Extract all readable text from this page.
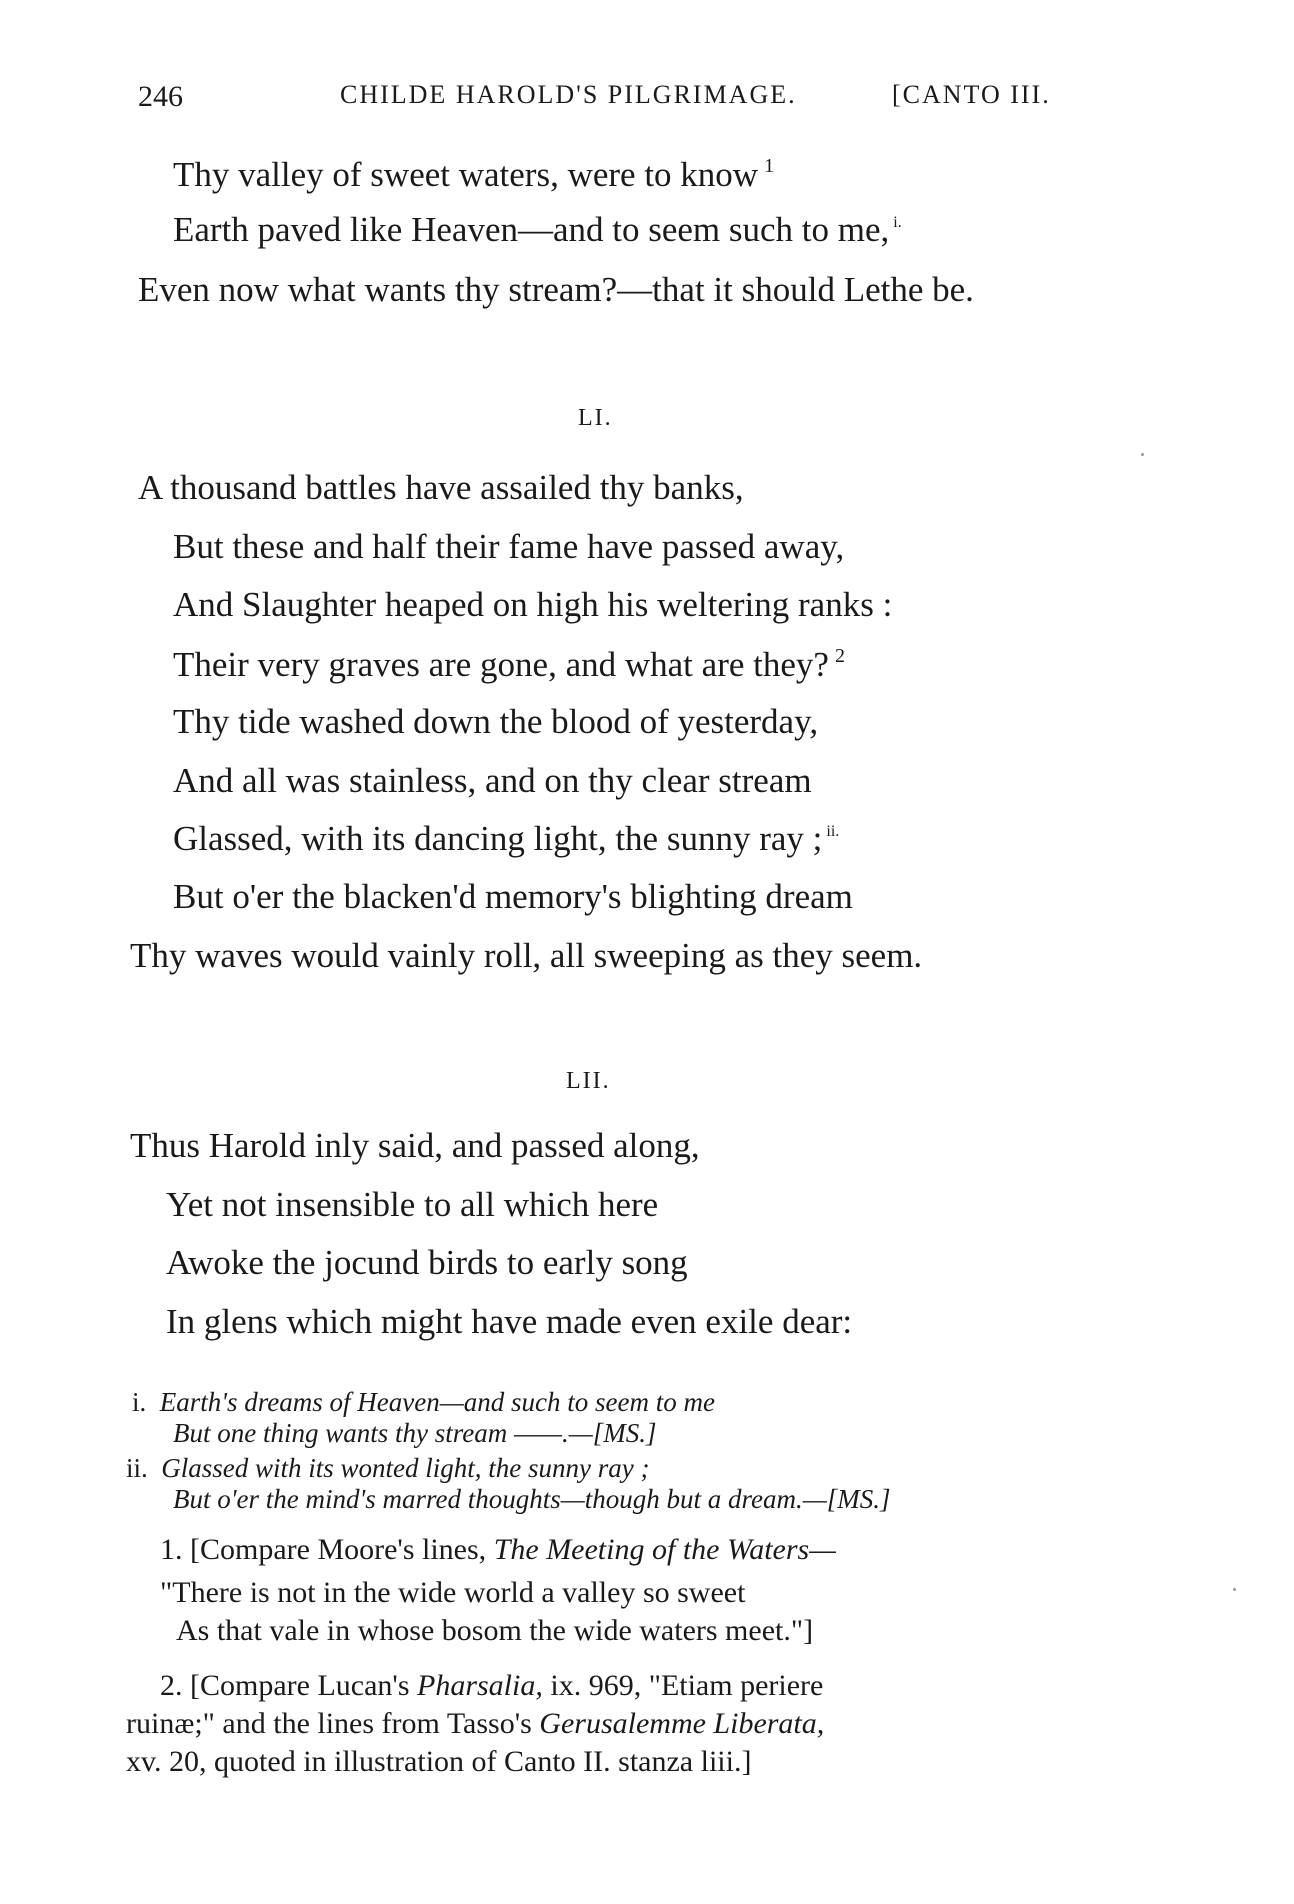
246	CHILDE HAROLD'S PILGRIMAGE.	[CANTO III.
Thy valley of sweet waters, were to know $^1$
Earth paved like Heaven—and to seem such to me, $^{i.}$
Even now what wants thy stream?—that it should Lethe be.
LI.
A thousand battles have assailed thy banks,
But these and half their fame have passed away,
And Slaughter heaped on high his weltering ranks :
Their very graves are gone, and what are they? $^2$
Thy tide washed down the blood of yesterday,
And all was stainless, and on thy clear stream
Glassed, with its dancing light, the sunny ray ; $^{ii.}$
But o'er the blacken'd memory's blighting dream
Thy waves would vainly roll, all sweeping as they seem.
LII.
Thus Harold inly said, and passed along,
Yet not insensible to all which here
Awoke the jocund birds to early song
In glens which might have made even exile dear:
i. Earth's dreams of Heaven—and such to seem to me
But one thing wants thy stream ——.—[MS.]
ii. Glassed with its wonted light, the sunny ray ;
But o'er the mind's marred thoughts—though but a dream.—[MS.]
1. [Compare Moore's lines, The Meeting of the Waters—
"There is not in the wide world a valley so sweet
As that vale in whose bosom the wide waters meet."]
2. [Compare Lucan's Pharsalia, ix. 969, "Etiam periere
ruinæ;" and the lines from Tasso's Gerusalemme Liberata,
xv. 20, quoted in illustration of Canto II. stanza liii.]
